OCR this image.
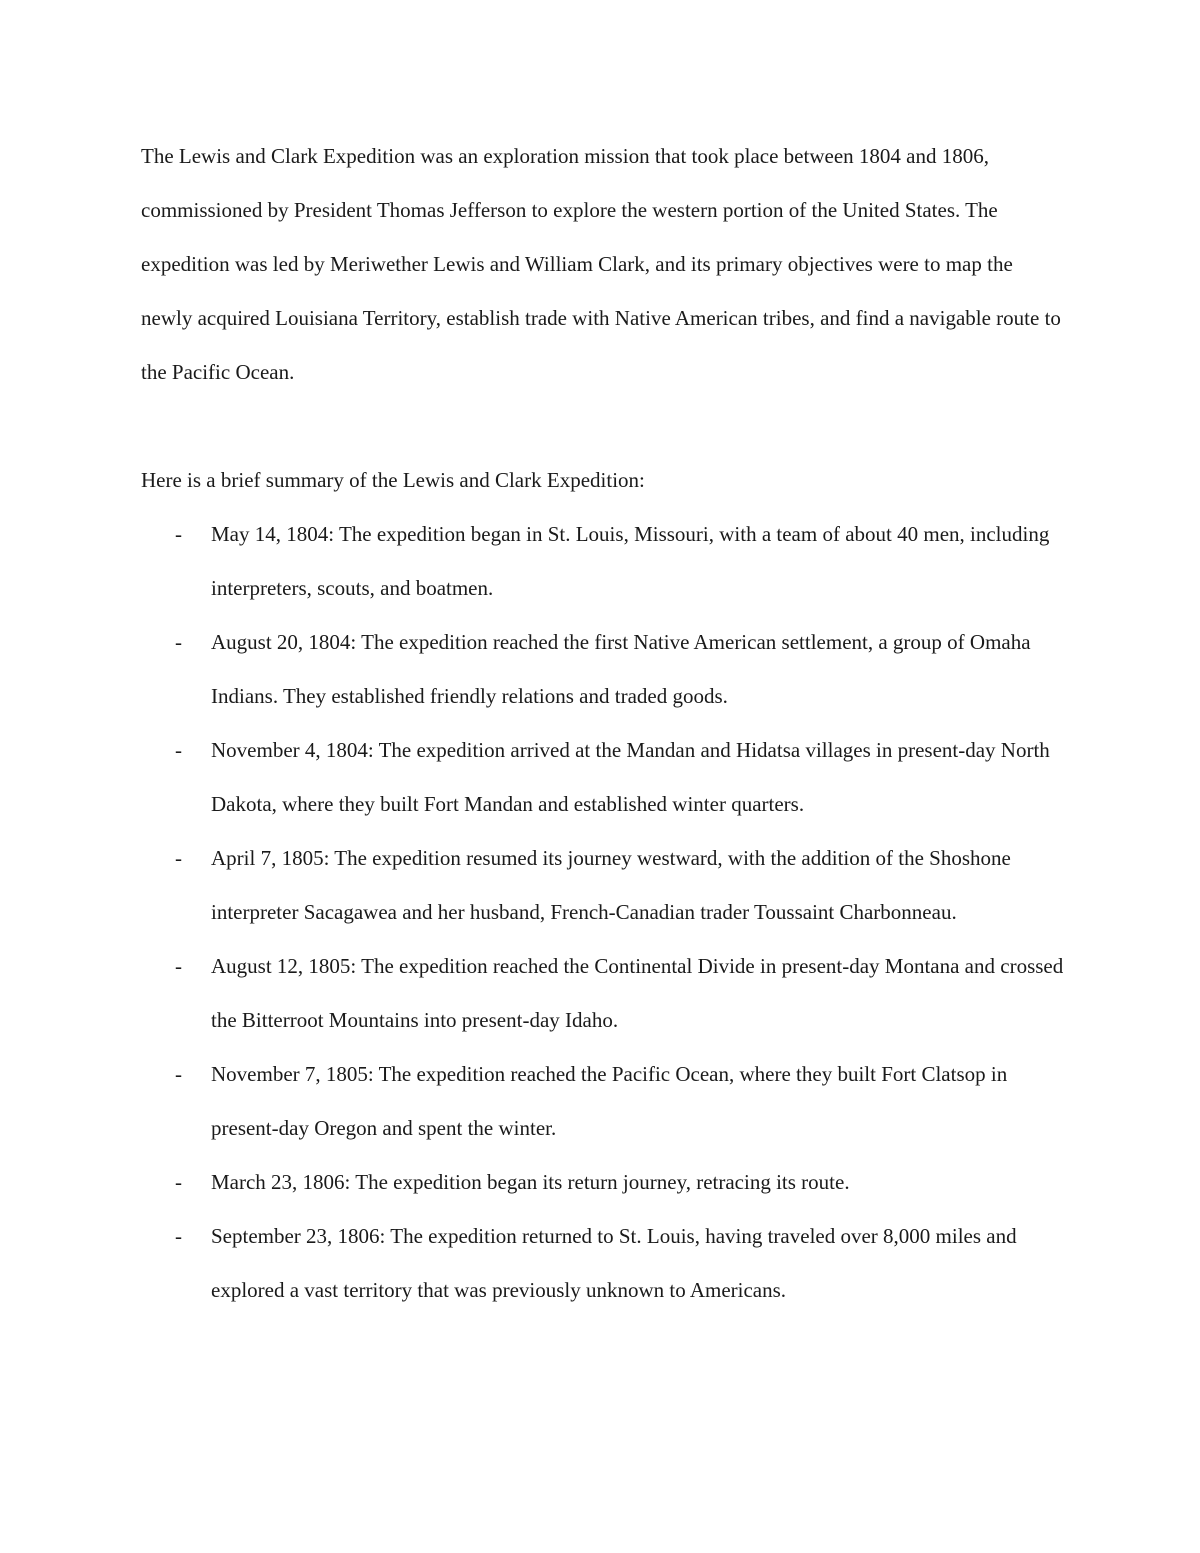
The Lewis and Clark Expedition was an exploration mission that took place between 1804 and 1806, commissioned by President Thomas Jefferson to explore the western portion of the United States. The expedition was led by Meriwether Lewis and William Clark, and its primary objectives were to map the newly acquired Louisiana Territory, establish trade with Native American tribes, and find a navigable route to the Pacific Ocean.

Here is a brief summary of the Lewis and Clark Expedition:

- May 14, 1804: The expedition began in St. Louis, Missouri, with a team of about 40 men, including interpreters, scouts, and boatmen.
- August 20, 1804: The expedition reached the first Native American settlement, a group of Omaha Indians. They established friendly relations and traded goods.
- November 4, 1804: The expedition arrived at the Mandan and Hidatsa villages in present-day North Dakota, where they built Fort Mandan and established winter quarters.
- April 7, 1805: The expedition resumed its journey westward, with the addition of the Shoshone interpreter Sacagawea and her husband, French-Canadian trader Toussaint Charbonneau.
- August 12, 1805: The expedition reached the Continental Divide in present-day Montana and crossed the Bitterroot Mountains into present-day Idaho.
- November 7, 1805: The expedition reached the Pacific Ocean, where they built Fort Clatsop in present-day Oregon and spent the winter.
- March 23, 1806: The expedition began its return journey, retracing its route.
- September 23, 1806: The expedition returned to St. Louis, having traveled over 8,000 miles and explored a vast territory that was previously unknown to Americans.
